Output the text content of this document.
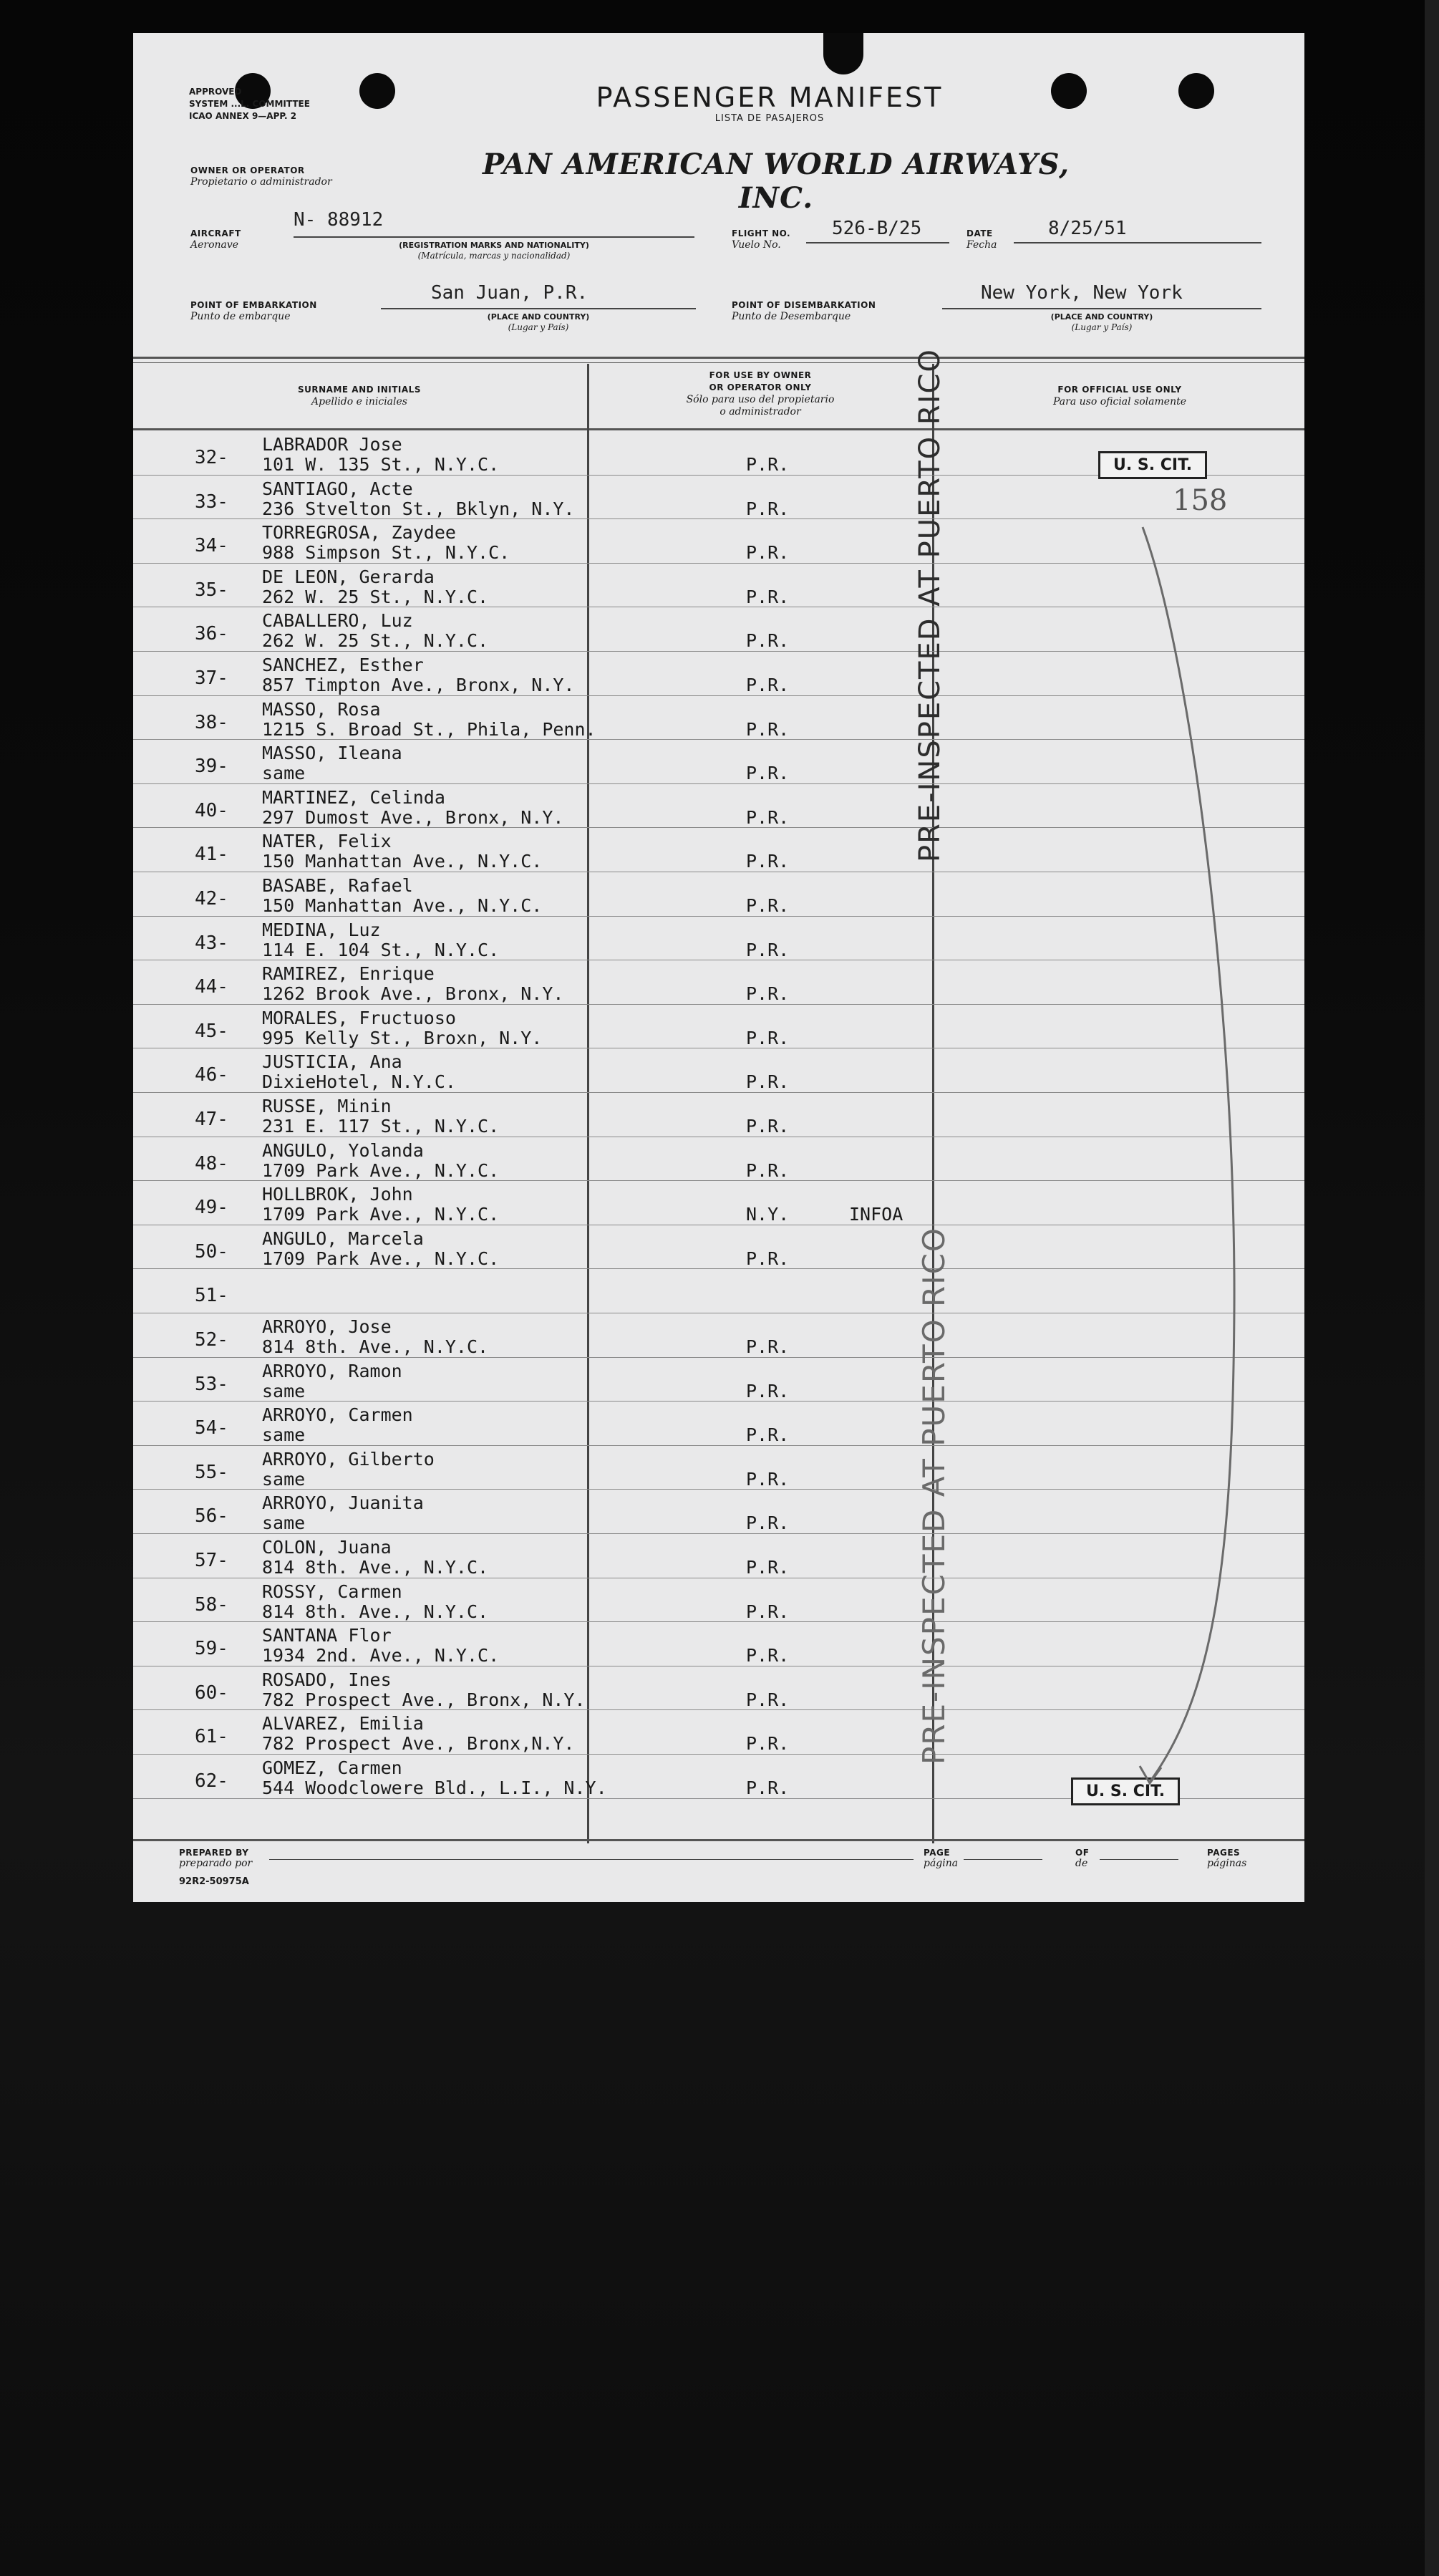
APPROVED
SYSTEM ...L. COMMITTEE
ICAO ANNEX 9—APP. 2
PASSENGER MANIFEST
LISTA DE PASAJEROS
OWNER OR OPERATOR
Propietario o administrador
PAN AMERICAN WORLD AIRWAYS, INC.
AIRCRAFT
Aeronave
N- 88912
(REGISTRATION MARKS AND NATIONALITY)
(Matrícula, marcas y nacionalidad)
FLIGHT NO.
Vuelo No.
526-B/25	DATE
Fecha
8/25/51
POINT OF EMBARKATION
Punto de embarque
San Juan, P.R.
(PLACE AND COUNTRY)
(Lugar y País)
POINT OF DISEMBARKATION
Punto de Desembarque
New York, New York
(PLACE AND COUNTRY)
(Lugar y País)
SURNAME AND INITIALS
Apellido e iniciales
FOR USE BY OWNER
OR OPERATOR ONLY
Sólo para uso del propietario
o administrador
FOR OFFICIAL USE ONLY
Para uso oficial solamente
32-
LABRADOR Jose
101 W. 135 St., N.Y.C.	P.R.
33-
SANTIAGO, Acte
236 Stvelton St., Bklyn, N.Y.	P.R.
34-
TORREGROSA, Zaydee
988 Simpson St., N.Y.C.	P.R.
35-
DE LEON, Gerarda
262 W. 25 St., N.Y.C.	P.R.
36-
CABALLERO, Luz
262 W. 25 St., N.Y.C.	P.R.
37-
SANCHEZ, Esther
857 Timpton Ave., Bronx, N.Y.	P.R.
38-
MASSO, Rosa
1215 S. Broad St., Phila, Penn.	P.R.
39-
MASSO, Ileana
same	P.R.
40-
MARTINEZ, Celinda
297 Dumost Ave., Bronx, N.Y.	P.R.
41-
NATER, Felix
150 Manhattan Ave., N.Y.C.	P.R.
42-
BASABE, Rafael
150 Manhattan Ave., N.Y.C.	P.R.
43-
MEDINA, Luz
114 E. 104 St., N.Y.C.	P.R.
44-
RAMIREZ, Enrique
1262 Brook Ave., Bronx, N.Y.	P.R.
45-
MORALES, Fructuoso
995 Kelly St., Broxn, N.Y.	P.R.
46-
JUSTICIA, Ana
DixieHotel, N.Y.C.	P.R.
47-
RUSSE, Minin
231 E. 117 St., N.Y.C.	P.R.
48-
ANGULO, Yolanda
1709 Park Ave., N.Y.C.	P.R.
49-
HOLLBROK, John
1709 Park Ave., N.Y.C.	N.Y.	INFOA
50-
ANGULO, Marcela
1709 Park Ave., N.Y.C.	P.R.
51-
52-
ARROYO, Jose
814 8th. Ave., N.Y.C.	P.R.
53-
ARROYO, Ramon
same	P.R.
54-
ARROYO, Carmen
same	P.R.
55-
ARROYO, Gilberto
same	P.R.
56-
ARROYO, Juanita
same	P.R.
57-
COLON, Juana
814 8th. Ave., N.Y.C.	P.R.
58-
ROSSY, Carmen
814 8th. Ave., N.Y.C.	P.R.
59-
SANTANA Flor
1934 2nd. Ave., N.Y.C.	P.R.
60-
ROSADO, Ines
782 Prospect Ave., Bronx, N.Y.	P.R.
61-
ALVAREZ, Emilia
782 Prospect Ave., Bronx,N.Y.	P.R.
62-
GOMEZ, Carmen
544 Woodclowere Bld., L.I., N.Y.	P.R.
PRE-INSPECTED AT PUERTO RICO
PRE-INSPECTED AT PUERTO RICO
U. S. CIT.
158
U. S. CIT.
PREPARED BY
preparado por
PAGE
página
OF
de
PAGES
páginas
92R2-50975A
